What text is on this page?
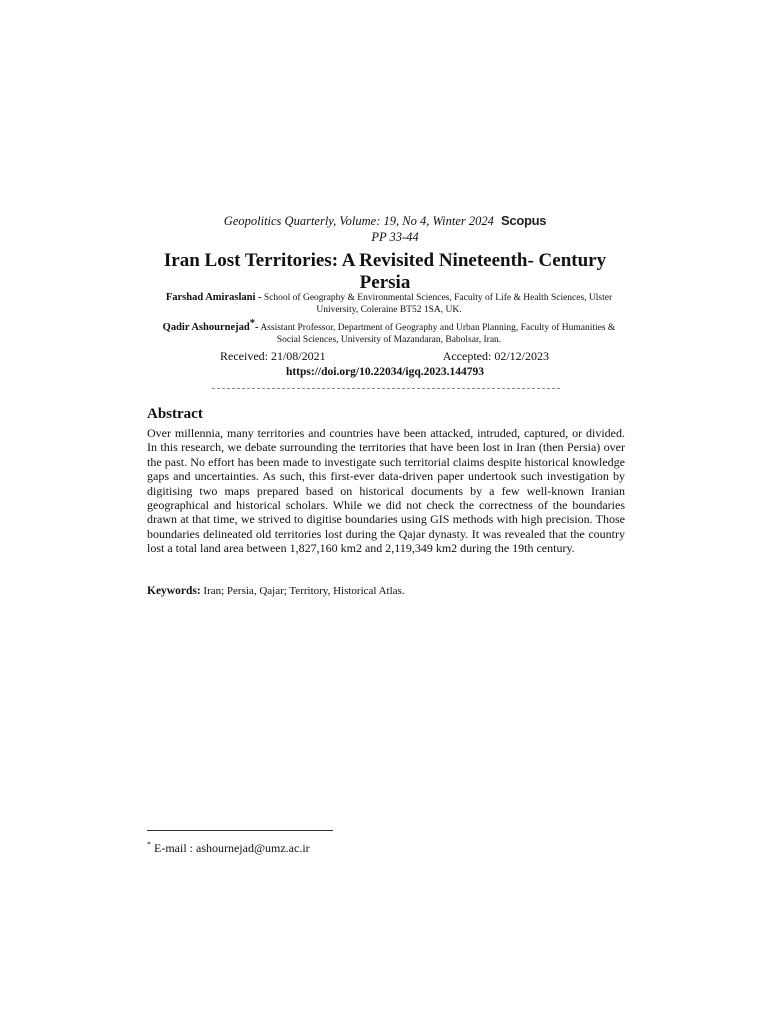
Geopolitics Quarterly, Volume: 19, No 4, Winter 2024 Scopus
PP 33-44
Iran Lost Territories: A Revisited Nineteenth- Century Persia
Farshad Amiraslani - School of Geography & Environmental Sciences, Faculty of Life & Health Sciences, Ulster University, Coleraine BT52 1SA, UK.
Qadir Ashournejad*- Assistant Professor, Department of Geography and Urban Planning, Faculty of Humanities & Social Sciences, University of Mazandaran, Babolsar, Iran.
Received: 21/08/2021	Accepted: 02/12/2023
https://doi.org/10.22034/igq.2023.144793
Abstract
Over millennia, many territories and countries have been attacked, intruded, captured, or divided. In this research, we debate surrounding the territories that have been lost in Iran (then Persia) over the past. No effort has been made to investigate such territorial claims despite historical knowledge gaps and uncertainties. As such, this first-ever data-driven paper undertook such investigation by digitising two maps prepared based on historical documents by a few well-known Iranian geographical and historical scholars. While we did not check the correctness of the boundaries drawn at that time, we strived to digitise boundaries using GIS methods with high precision. Those boundaries delineated old territories lost during the Qajar dynasty. It was revealed that the country lost a total land area between 1,827,160 km2 and 2,119,349 km2 during the 19th century.
Keywords: Iran; Persia, Qajar; Territory, Historical Atlas.
* E-mail : ashournejad@umz.ac.ir
